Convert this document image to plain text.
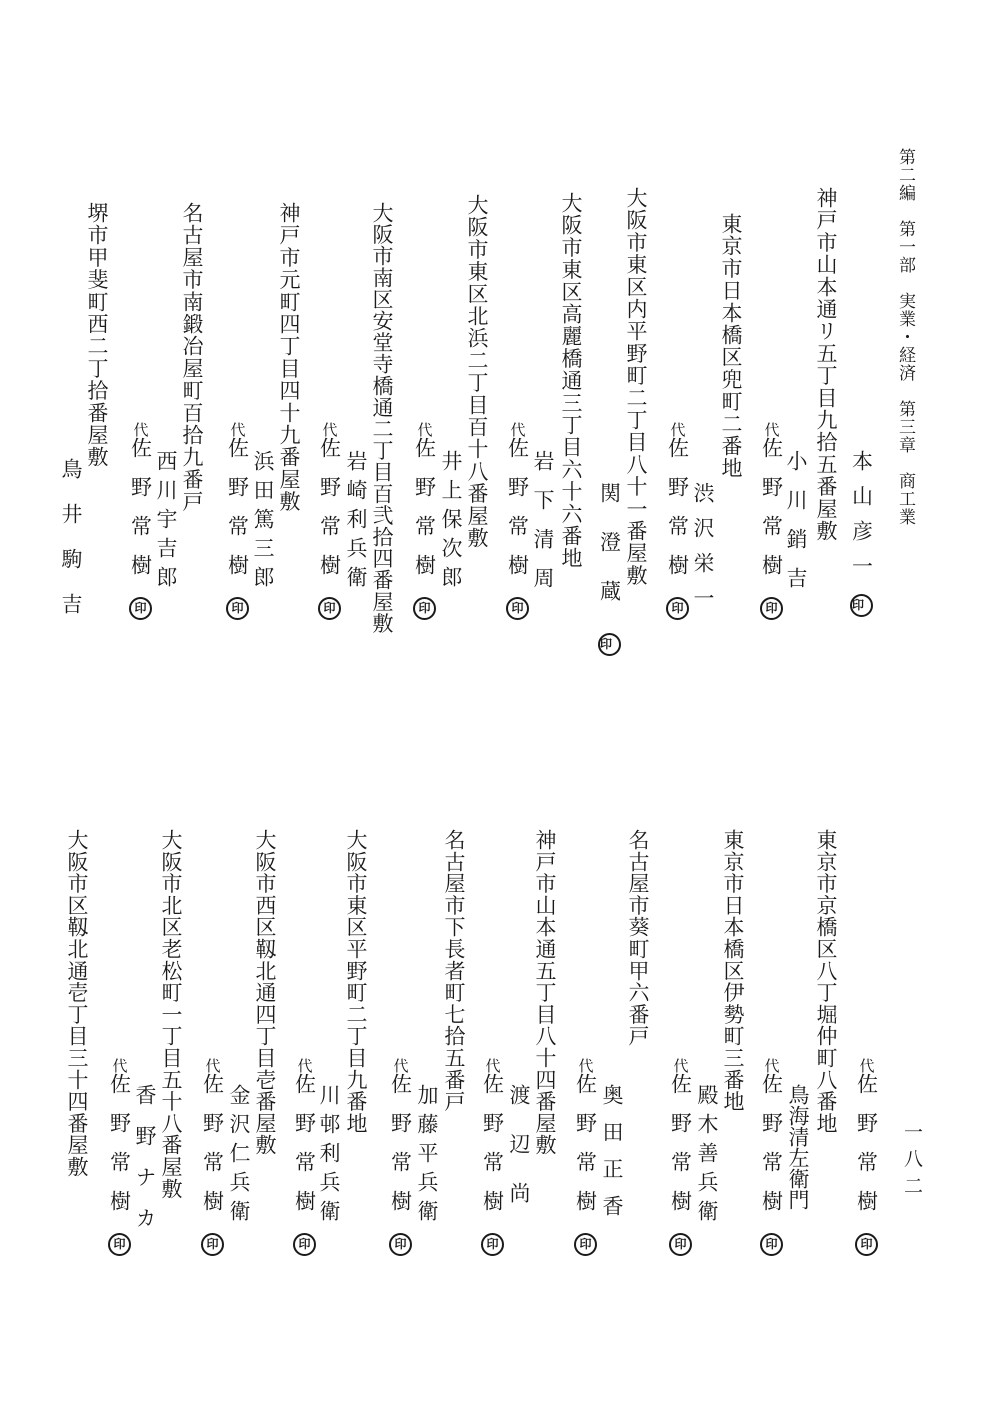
第二編　第一部　実業・経済　第三章　商工業
一八二
本山彦一印
神戸市山本通リ五丁目九拾五番屋敷
小川銷吉
代佐野常樹印
東京市日本橋区兜町二番地
渋沢栄一
代佐野常樹印
大阪市東区内平野町二丁目八十一番屋敷
関澄蔵印
大阪市東区高麗橋通三丁目六十六番地
岩下清周
代佐野常樹印
大阪市東区北浜二丁目百十八番屋敷
井上保次郎
代佐野常樹印
大阪市南区安堂寺橋通二丁目百弐拾四番屋敷
岩崎利兵衛
代佐野常樹印
神戸市元町四丁目四十九番屋敷
浜田篤三郎
代佐野常樹印
名古屋市南鍛冶屋町百拾九番戸
西川宇吉郎
代佐野常樹印
堺市甲斐町西二丁拾番屋敷
鳥井駒吉
代佐野常樹印
東京市京橋区八丁堀仲町八番地
鳥海清左衛門
代佐野常樹印
東京市日本橋区伊勢町三番地
殿木善兵衛
代佐野常樹印
名古屋市葵町甲六番戸
奥田正香
代佐野常樹印
神戸市山本通五丁目八十四番屋敷
渡辺尚
代佐野常樹印
名古屋市下長者町七拾五番戸
加藤平兵衛
代佐野常樹印
大阪市東区平野町二丁目九番地
川邨利兵衛
代佐野常樹印
大阪市西区靱北通四丁目壱番屋敷
金沢仁兵衛
代佐野常樹印
大阪市北区老松町一丁目五十八番屋敷
香野ナカ
代佐野常樹印
大阪市区靱北通壱丁目三十四番屋敷
